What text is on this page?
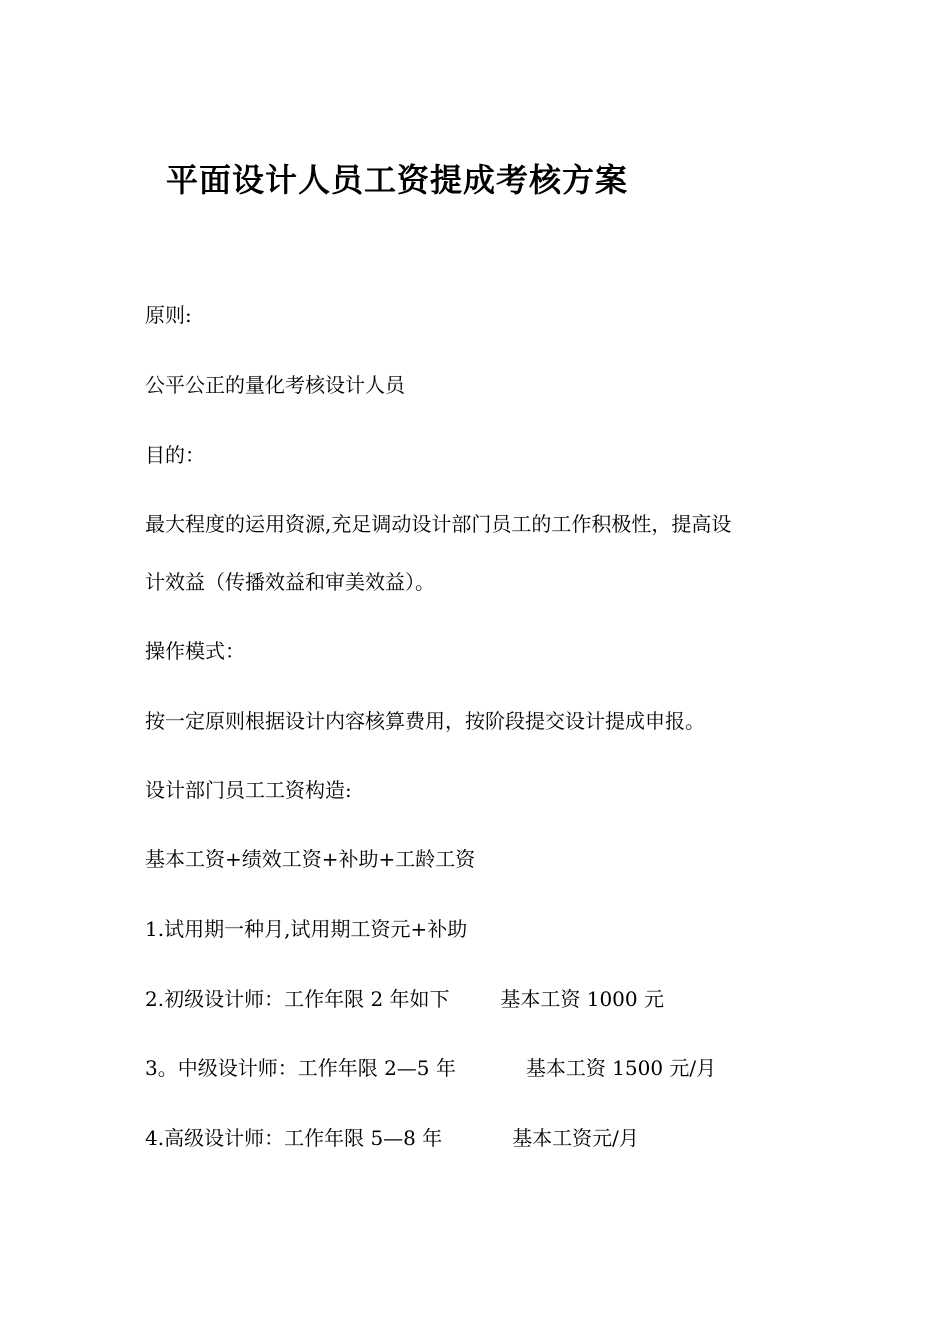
平面设计人员工资提成考核方案

原则:

公平公正的量化考核设计人员

目的：

最大程度的运用资源,充足调动设计部门员工的工作积极性，提高设

计效益（传播效益和审美效益）。

操作模式：

按一定原则根据设计内容核算费用，按阶段提交设计提成申报。

设计部门员工工资构造:

基本工资+绩效工资+补助+工龄工资

1.试用期一种月,试用期工资元+补助

2.初级设计师：工作年限 2 年如下        基本工资 1000 元

3。中级设计师：工作年限 2—5 年           基本工资 1500 元/月

4.高级设计师：工作年限 5—8 年           基本工资元/月
